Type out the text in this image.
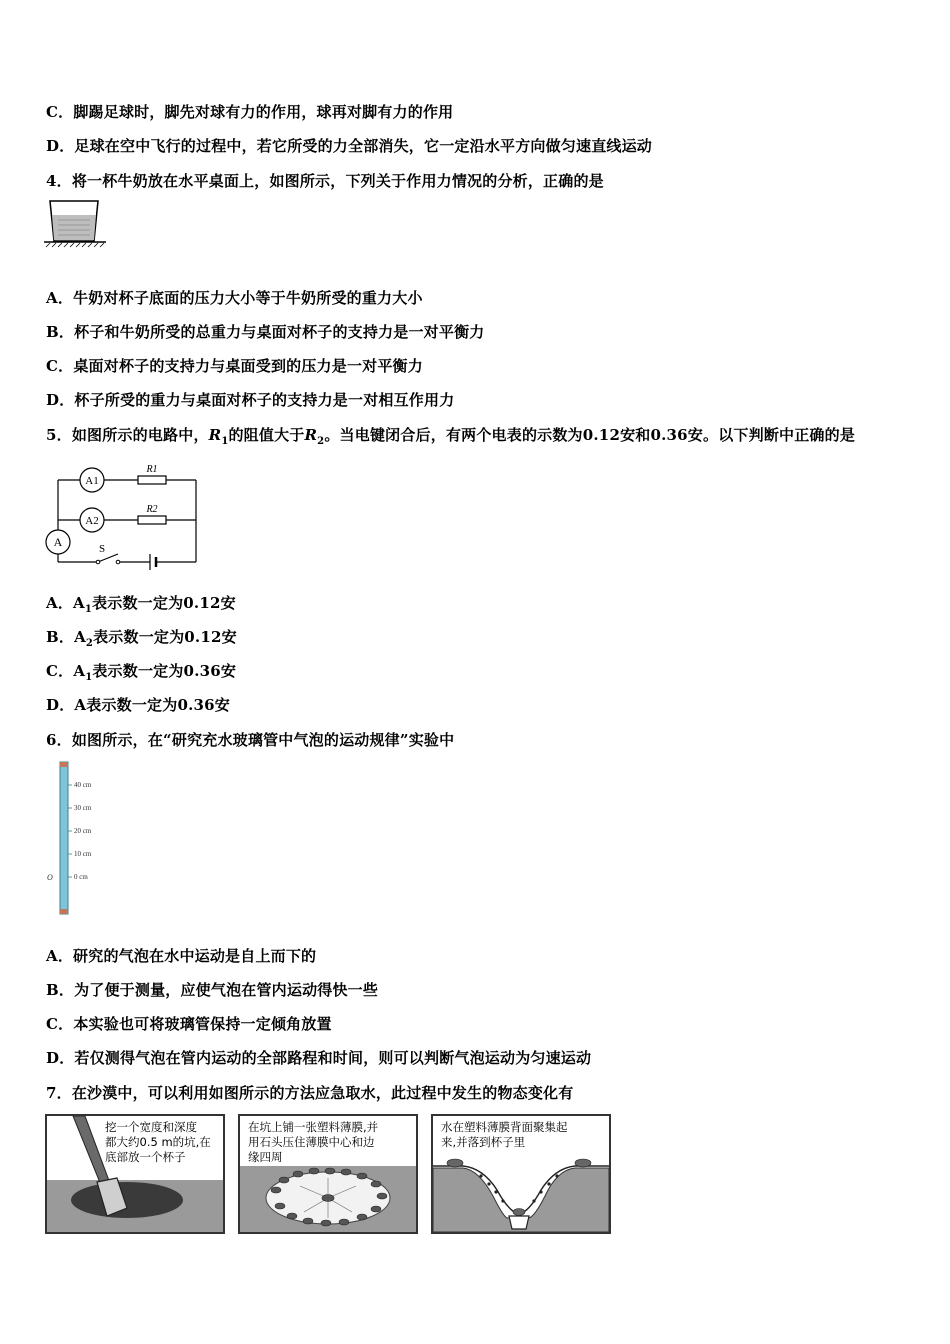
C．脚踢足球时，脚先对球有力的作用，球再对脚有力的作用
D．足球在空中飞行的过程中，若它所受的力全部消失，它一定沿水平方向做匀速直线运动
4．将一杯牛奶放在水平桌面上，如图所示，下列关于作用力情况的分析，正确的是
A．牛奶对杯子底面的压力大小等于牛奶所受的重力大小
B．杯子和牛奶所受的总重力与桌面对杯子的支持力是一对平衡力
C．桌面对杯子的支持力与桌面受到的压力是一对平衡力
D．杯子所受的重力与桌面对杯子的支持力是一对相互作用力
5．如图所示的电路中，$R_1$的阻值大于$R_2$。当电键闭合后，有两个电表的示数为0.12安和0.36安。以下判断中正确的是
A1
A2
A
R1
R2
S
A．$A_1$表示数一定为0.12安
B．$A_2$表示数一定为0.12安
C．$A_1$表示数一定为0.36安
D．A表示数一定为0.36安
6．如图所示，在“研究充水玻璃管中气泡的运动规律”实验中
40 cm
30 cm
20 cm
10 cm
0 cm
O
A．研究的气泡在水中运动是自上而下的
B．为了便于测量，应使气泡在管内运动得快一些
C．本实验也可将玻璃管保持一定倾角放置
D．若仅测得气泡在管内运动的全部路程和时间，则可以判断气泡运动为匀速运动
7．在沙漠中，可以利用如图所示的方法应急取水，此过程中发生的物态变化有
挖一个宽度和深度
都大约0.5 m的坑,在
底部放一个杯子
在坑上铺一张塑料薄膜,并
用石头压住薄膜中心和边
缘四周
水在塑料薄膜背面聚集起
来,并落到杯子里
